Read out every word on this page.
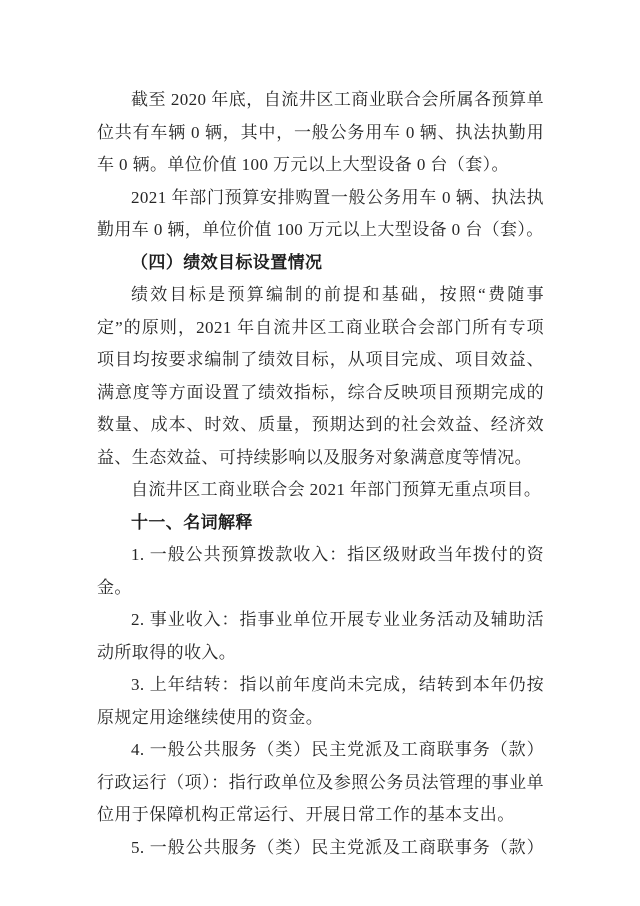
截至 2020 年底，自流井区工商业联合会所属各预算单位共有车辆 0 辆，其中，一般公务用车 0 辆、执法执勤用车 0 辆。单位价值 100 万元以上大型设备 0 台（套）。

2021 年部门预算安排购置一般公务用车 0 辆、执法执勤用车 0 辆，单位价值 100 万元以上大型设备 0 台（套）。

（四）绩效目标设置情况

绩效目标是预算编制的前提和基础，按照“费随事定”的原则，2021 年自流井区工商业联合会部门所有专项项目均按要求编制了绩效目标，从项目完成、项目效益、满意度等方面设置了绩效指标，综合反映项目预期完成的数量、成本、时效、质量，预期达到的社会效益、经济效益、生态效益、可持续影响以及服务对象满意度等情况。

自流井区工商业联合会 2021 年部门预算无重点项目。

十一、名词解释

1. 一般公共预算拨款收入：指区级财政当年拨付的资金。

2. 事业收入：指事业单位开展专业业务活动及辅助活动所取得的收入。

3. 上年结转：指以前年度尚未完成，结转到本年仍按原规定用途继续使用的资金。

4. 一般公共服务（类）民主党派及工商联事务（款）行政运行（项）：指行政单位及参照公务员法管理的事业单位用于保障机构正常运行、开展日常工作的基本支出。

5. 一般公共服务（类）民主党派及工商联事务（款）
